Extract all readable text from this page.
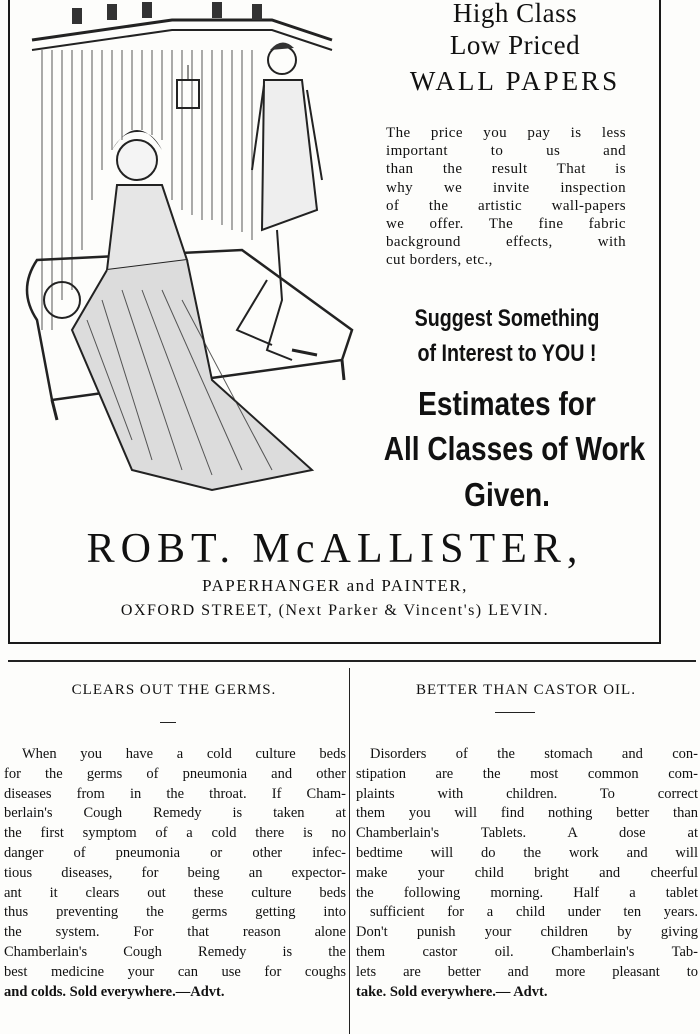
High Class
Low Priced
WALL PAPERS
The price you pay is less
important to us and
than the result That is
why we invite inspection
of the artistic wall-papers
we offer. The fine fabric
background effects, with
cut borders, etc.,
Suggest Something
of Interest to YOU !
Estimates for
All Classes of Work
Given.
ROBT. McALLISTER,
PAPERHANGER and PAINTER,
OXFORD STREET, (Next Parker & Vincent's) LEVIN.
CLEARS OUT THE GERMS.	BETTER THAN CASTOR OIL.
When you have a cold culture beds
for the germs of pneumonia and other
diseases from in the throat. If Cham-
berlain's Cough Remedy is taken at
the first symptom of a cold there is no
danger of pneumonia or other infec-
tious diseases, for being an expector-
ant it clears out these culture beds
thus preventing the germs getting into
the system. For that reason alone
Chamberlain's Cough Remedy is the
best medicine your can use for coughs
and colds. Sold everywhere.—Advt.
Disorders of the stomach and con-
stipation are the most common com-
plaints with children. To correct
them you will find nothing better than
Chamberlain's Tablets. A dose at
bedtime will do the work and will
make your child bright and cheerful
the following morning. Half a tablet
sufficient for a child under ten years.
Don't punish your children by giving
them castor oil. Chamberlain's Tab-
lets are better and more pleasant to
take. Sold everywhere.— Advt.
